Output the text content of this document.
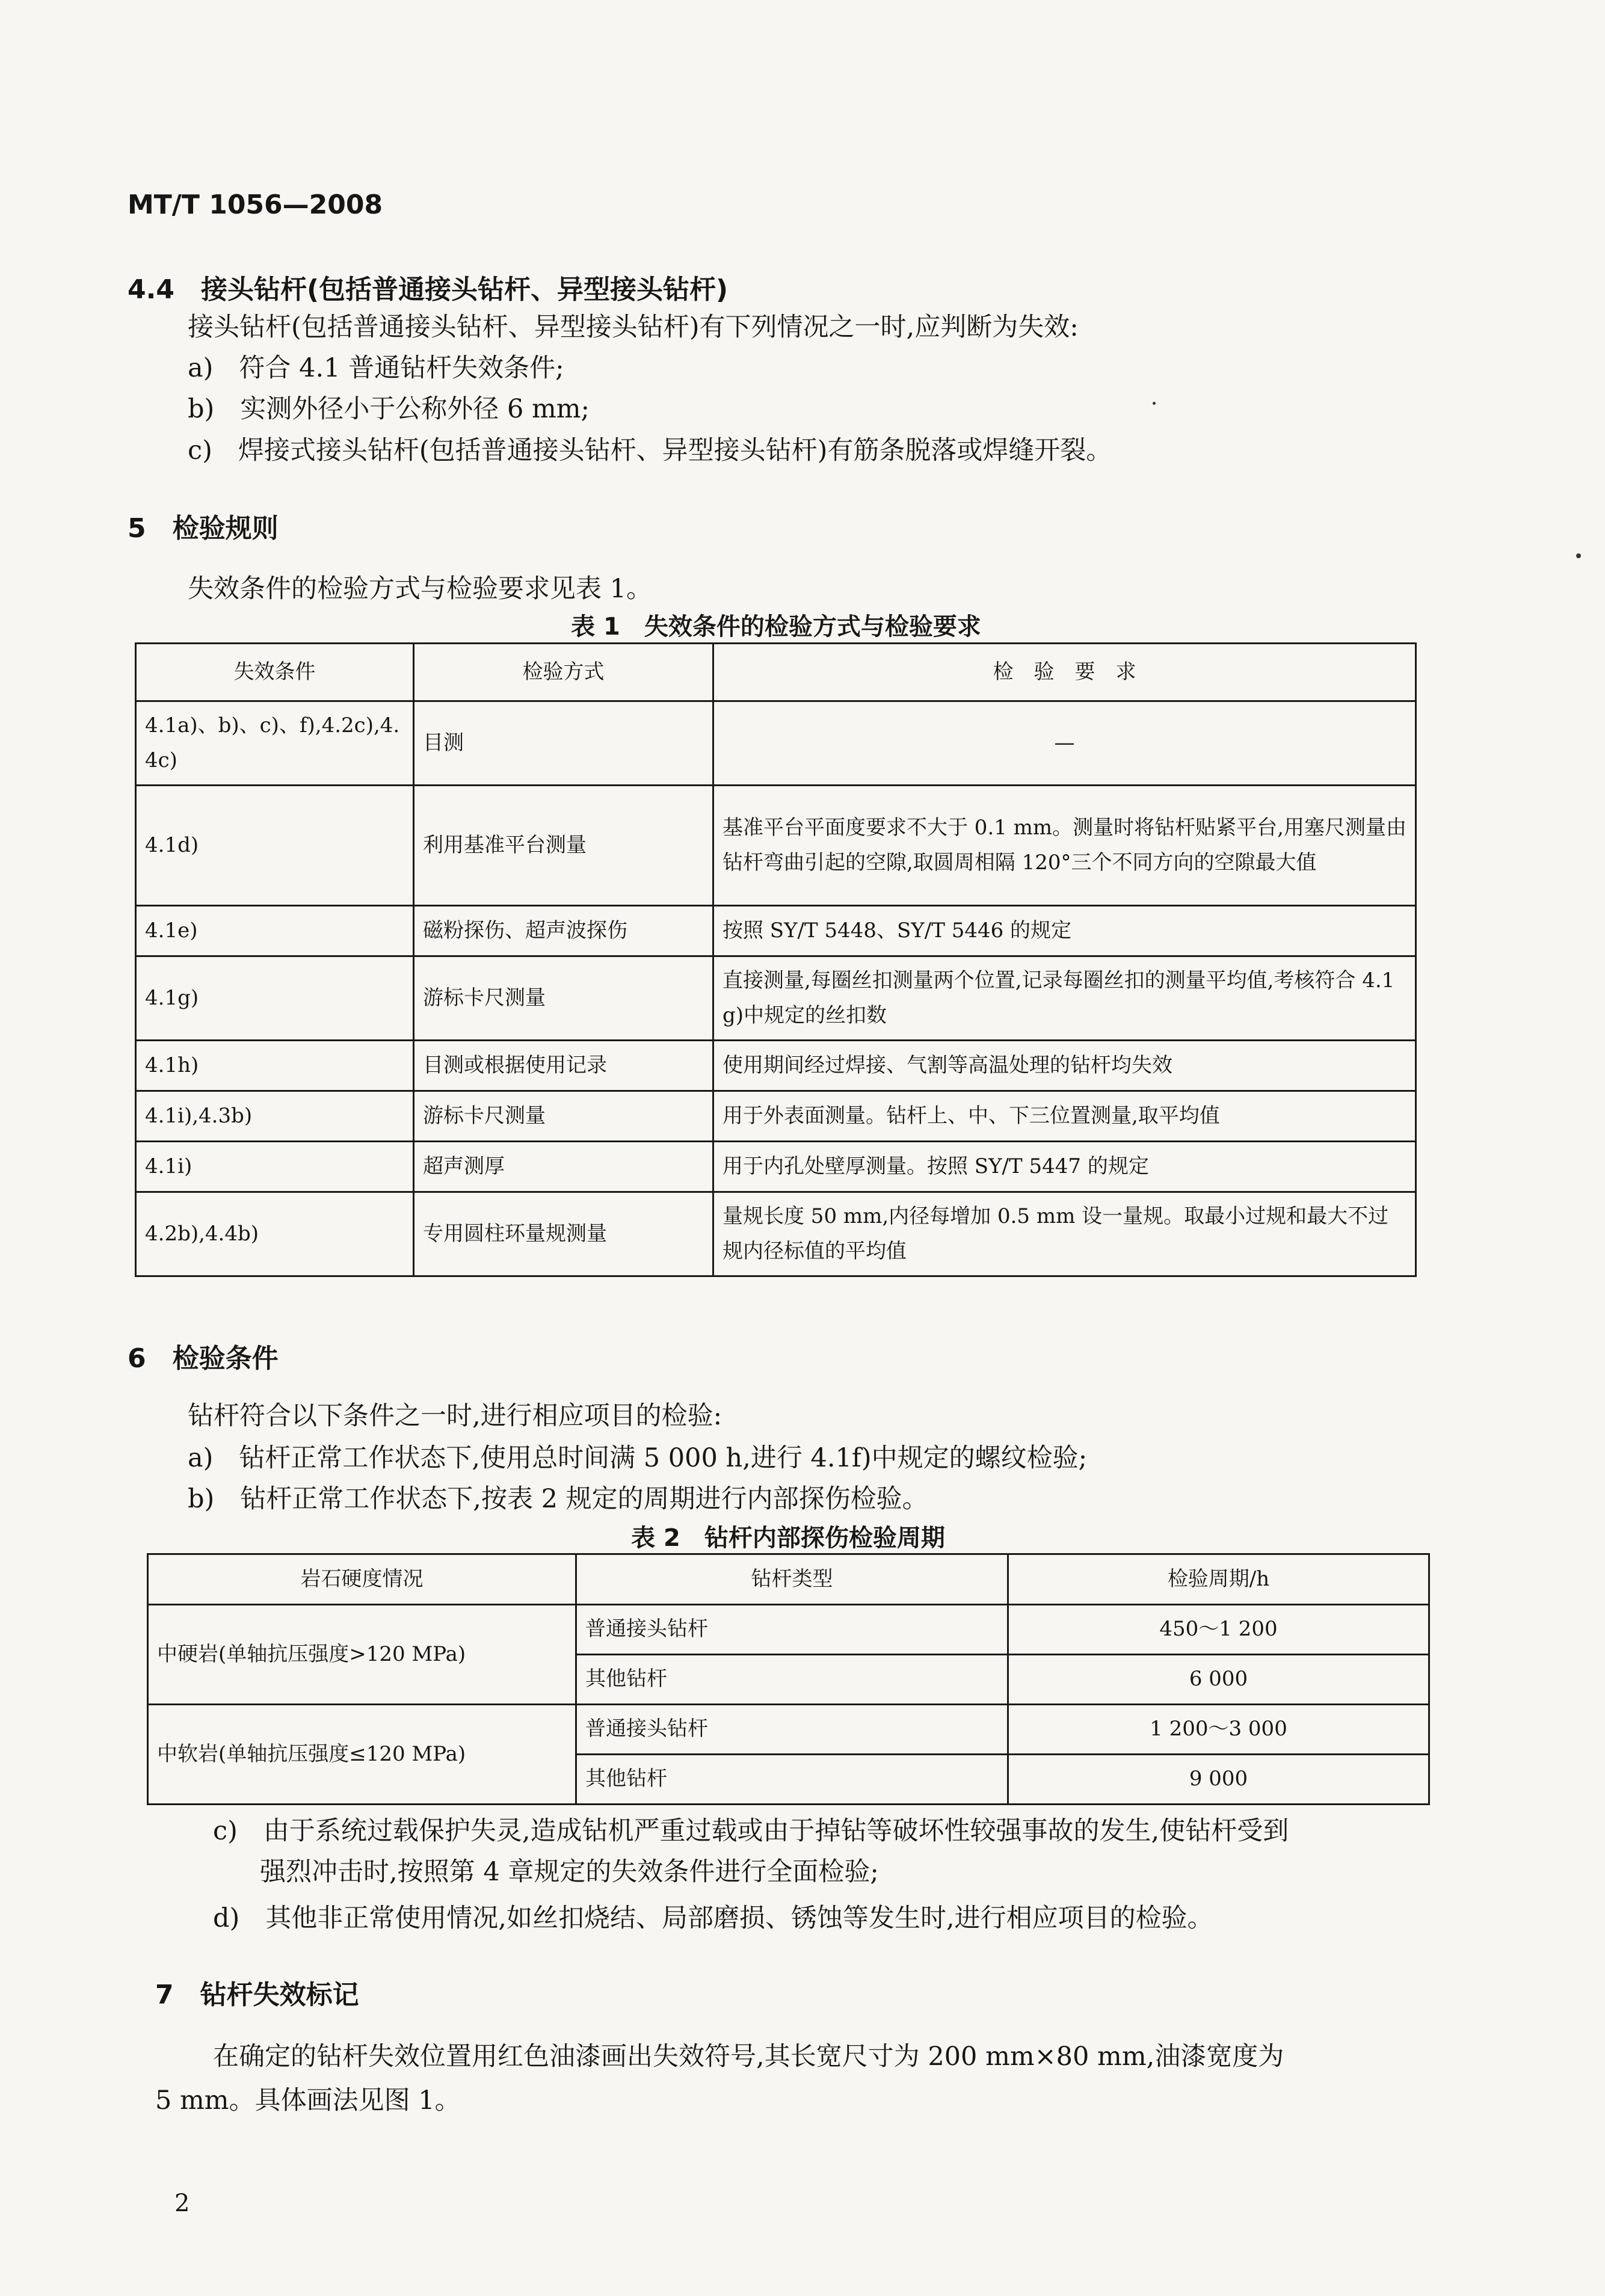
MT/T 1056—2008
4.4　接头钻杆(包括普通接头钻杆、异型接头钻杆)
接头钻杆(包括普通接头钻杆、异型接头钻杆)有下列情况之一时,应判断为失效:
a)　符合 4.1 普通钻杆失效条件;
b)　实测外径小于公称外径 6 mm;
c)　焊接式接头钻杆(包括普通接头钻杆、异型接头钻杆)有筋条脱落或焊缝开裂。
5　检验规则
失效条件的检验方式与检验要求见表 1。
表 1　失效条件的检验方式与检验要求
失效条件	检验方式	检　验　要　求
4.1a)、b)、c)、f),4.2c),4.4c)	目测	—
4.1d)	利用基准平台测量	基准平台平面度要求不大于 0.1 mm。测量时将钻杆贴紧平台,用塞尺测量由钻杆弯曲引起的空隙,取圆周相隔 120°三个不同方向的空隙最大值
4.1e)	磁粉探伤、超声波探伤	按照 SY/T 5448、SY/T 5446 的规定
4.1g)	游标卡尺测量	直接测量,每圈丝扣测量两个位置,记录每圈丝扣的测量平均值,考核符合 4.1g)中规定的丝扣数
4.1h)	目测或根据使用记录	使用期间经过焊接、气割等高温处理的钻杆均失效
4.1i),4.3b)	游标卡尺测量	用于外表面测量。钻杆上、中、下三位置测量,取平均值
4.1i)	超声测厚	用于内孔处壁厚测量。按照 SY/T 5447 的规定
4.2b),4.4b)	专用圆柱环量规测量	量规长度 50 mm,内径每增加 0.5 mm 设一量规。取最小过规和最大不过规内径标值的平均值
6　检验条件
钻杆符合以下条件之一时,进行相应项目的检验:
a)　钻杆正常工作状态下,使用总时间满 5 000 h,进行 4.1f)中规定的螺纹检验;
b)　钻杆正常工作状态下,按表 2 规定的周期进行内部探伤检验。
表 2　钻杆内部探伤检验周期
岩石硬度情况	钻杆类型	检验周期/h
中硬岩(单轴抗压强度>120 MPa)	普通接头钻杆	450～1 200
	其他钻杆	6 000
中软岩(单轴抗压强度≤120 MPa)	普通接头钻杆	1 200～3 000
	其他钻杆	9 000
c)　由于系统过载保护失灵,造成钻机严重过载或由于掉钻等破坏性较强事故的发生,使钻杆受到
强烈冲击时,按照第 4 章规定的失效条件进行全面检验;
d)　其他非正常使用情况,如丝扣烧结、局部磨损、锈蚀等发生时,进行相应项目的检验。
7　钻杆失效标记
在确定的钻杆失效位置用红色油漆画出失效符号,其长宽尺寸为 200 mm×80 mm,油漆宽度为
5 mm。具体画法见图 1。
2
